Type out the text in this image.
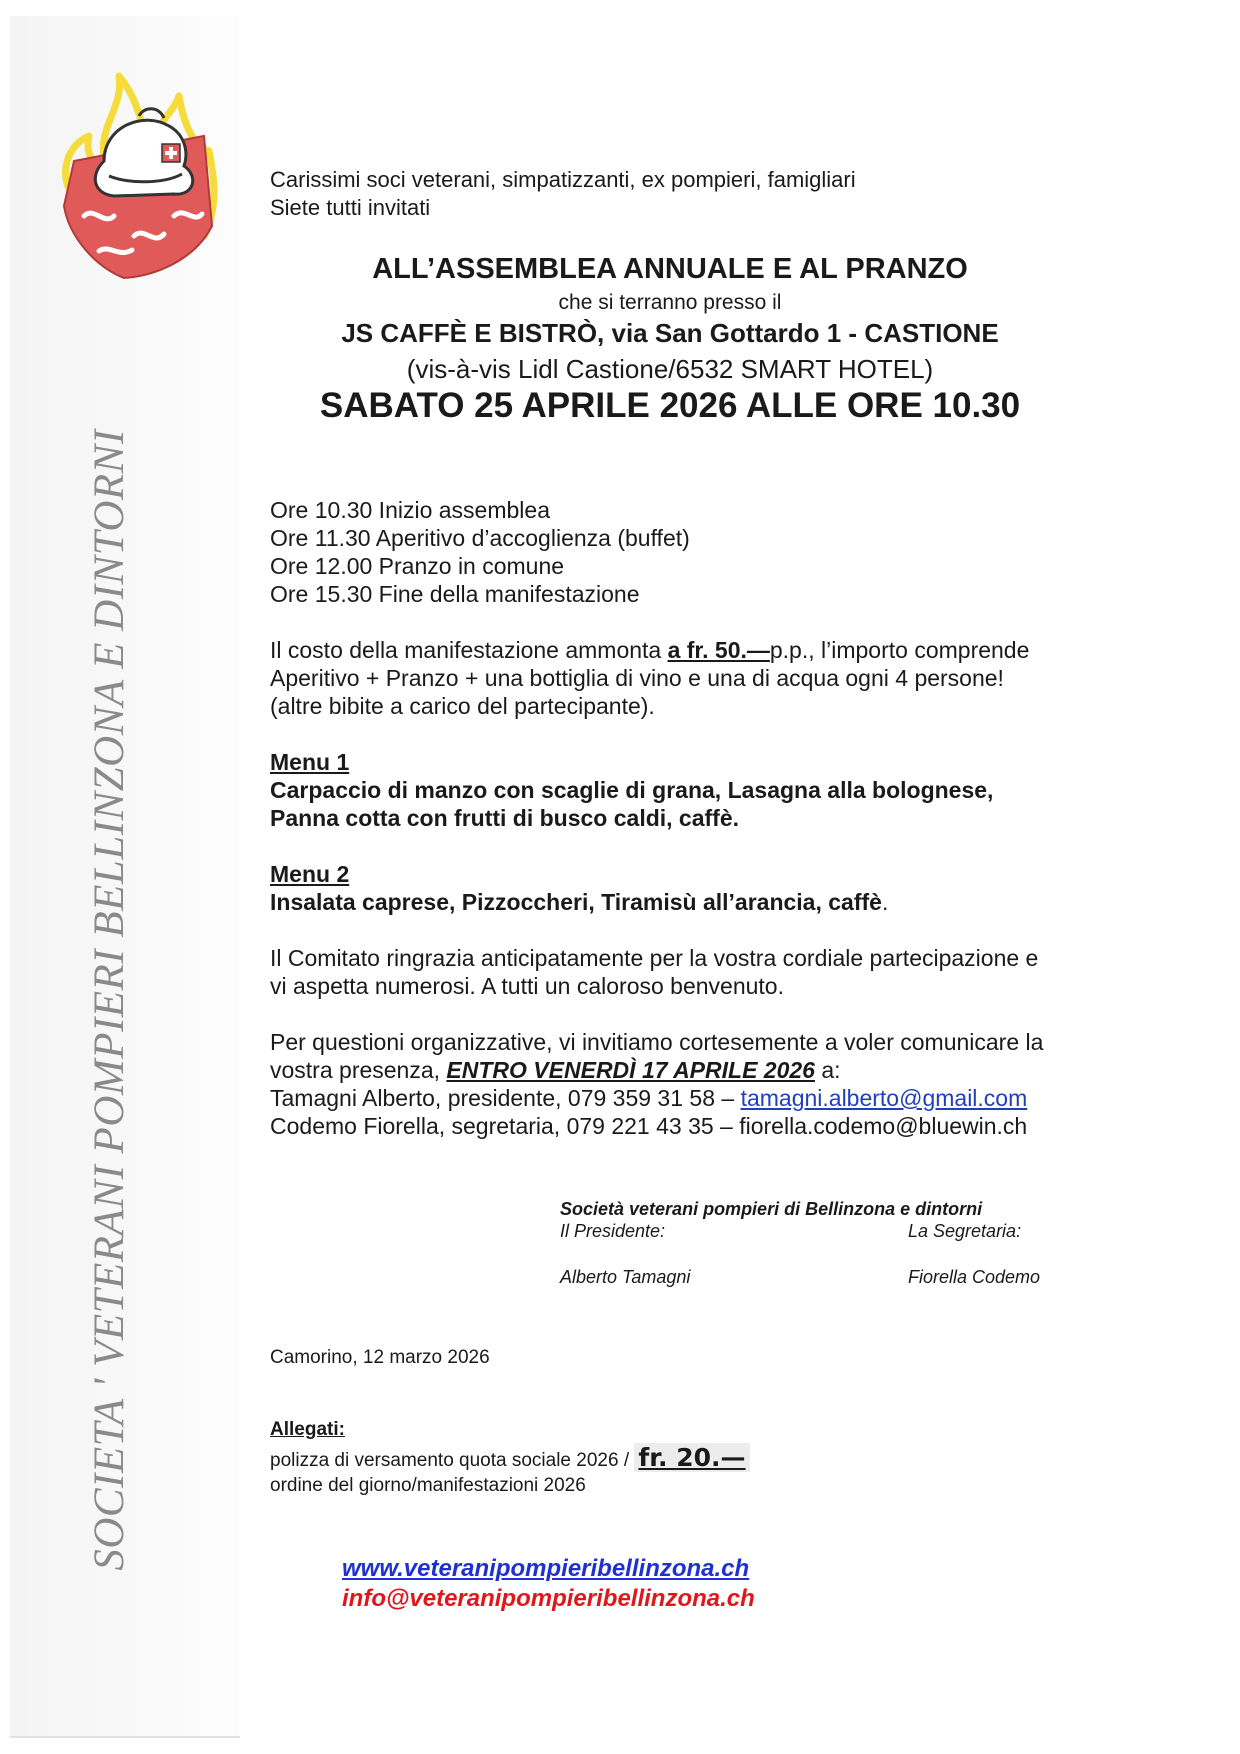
SOCIETA ' VETERANI POMPIERI BELLINZONA E DINTORNI
Carissimi soci veterani, simpatizzanti, ex pompieri, famigliari
Siete tutti invitati
ALL’ASSEMBLEA ANNUALE E AL PRANZO
che si terranno presso il
JS CAFFÈ E BISTRÒ, via San Gottardo 1 - CASTIONE
(vis-à-vis Lidl Castione/6532 SMART HOTEL)
SABATO 25 APRILE 2026 ALLE ORE 10.30
Ore 10.30 Inizio assemblea
Ore 11.30 Aperitivo d’accoglienza (buffet)
Ore 12.00 Pranzo in comune
Ore 15.30 Fine della manifestazione
Il costo della manifestazione ammonta a fr. 50.—p.p., l’importo comprende
Aperitivo + Pranzo + una bottiglia di vino e una di acqua ogni 4 persone!
(altre bibite a carico del partecipante).
Menu 1
Carpaccio di manzo con scaglie di grana, Lasagna alla bolognese,
Panna cotta con frutti di busco caldi, caffè.
Menu 2
Insalata caprese, Pizzoccheri, Tiramisù all’arancia, caffè.
Il Comitato ringrazia anticipatamente per la vostra cordiale partecipazione e
vi aspetta numerosi. A tutti un caloroso benvenuto.
Per questioni organizzative, vi invitiamo cortesemente a voler comunicare la
vostra presenza, ENTRO VENERDÌ 17 APRILE 2026 a:
Tamagni Alberto, presidente, 079 359 31 58 – tamagni.alberto@gmail.com
Codemo Fiorella, segretaria, 079 221 43 35 – fiorella.codemo@bluewin.ch
Società veterani pompieri di Bellinzona e dintorni
Il Presidente:	La Segretaria:
Alberto Tamagni	Fiorella Codemo
Camorino, 12 marzo 2026
Allegati:
polizza di versamento quota sociale 2026 / fr. 20.—
ordine del giorno/manifestazioni 2026
www.veteranipompieribellinzona.ch
info@veteranipompieribellinzona.ch
